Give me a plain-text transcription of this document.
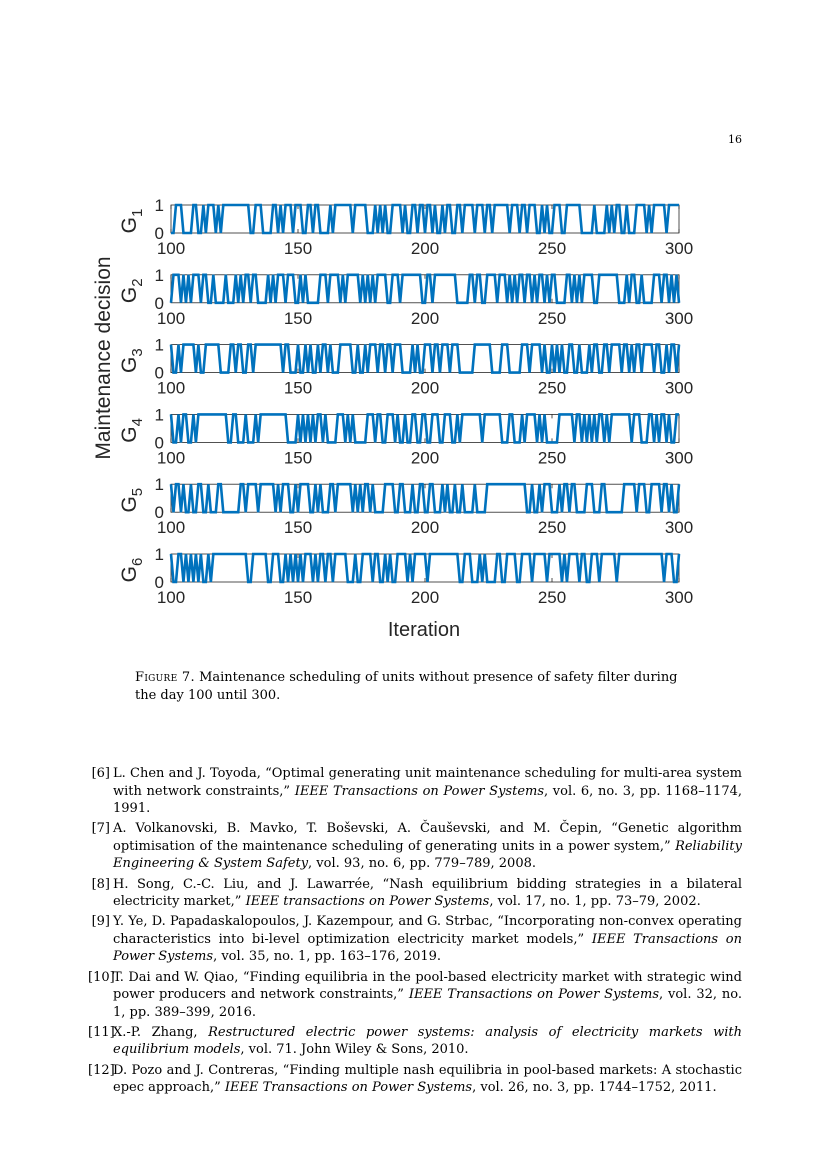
16
100	150	200	250	300
0
1
$G_1$
100	150	200	250	300
0
1
$G_2$
100	150	200	250	300
0
1
$G_3$
100	150	200	250	300
0
1
$G_4$
100	150	200	250	300
0
1
$G_5$
100	150	200	250	300
0
1
$G_6$
Maintenance decision
Iteration
Figure 7. Maintenance scheduling of units without presence of safety filter during the day 100 until 300.
[ 6 ] L. Chen and J. Toyoda, “Optimal generating unit maintenance scheduling for multi-area system with network constraints,” IEEE Transactions on Power Systems, vol. 6, no. 3, pp. 1168–1174, 1991.
[ 7 ] A. Volkanovski, B. Mavko, T. Boševski, A. Čauševski, and M. Čepin, “Genetic algorithm optimisation of the maintenance scheduling of generating units in a power system,” Reliability Engineering & System Safety, vol. 93, no. 6, pp. 779–789, 2008.
[ 8 ] H. Song, C.-C. Liu, and J. Lawarrée, “Nash equilibrium bidding strategies in a bilateral electricity market,” IEEE transactions on Power Systems, vol. 17, no. 1, pp. 73–79, 2002.
[ 9 ] Y. Ye, D. Papadaskalopoulos, J. Kazempour, and G. Strbac, “Incorporating non-convex operating characteristics into bi-level optimization electricity market models,” IEEE Transactions on Power Systems, vol. 35, no. 1, pp. 163–176, 2019.
[ 10 ] T. Dai and W. Qiao, “Finding equilibria in the pool-based electricity market with strategic wind power producers and network constraints,” IEEE Transactions on Power Systems, vol. 32, no. 1, pp. 389–399, 2016.
[ 11 ] X.-P. Zhang, Restructured electric power systems: analysis of electricity markets with equilibrium models, vol. 71. John Wiley & Sons, 2010.
[ 12 ] D. Pozo and J. Contreras, “Finding multiple nash equilibria in pool-based markets: A stochastic epec approach,” IEEE Transactions on Power Systems, vol. 26, no. 3, pp. 1744–1752, 2011.
